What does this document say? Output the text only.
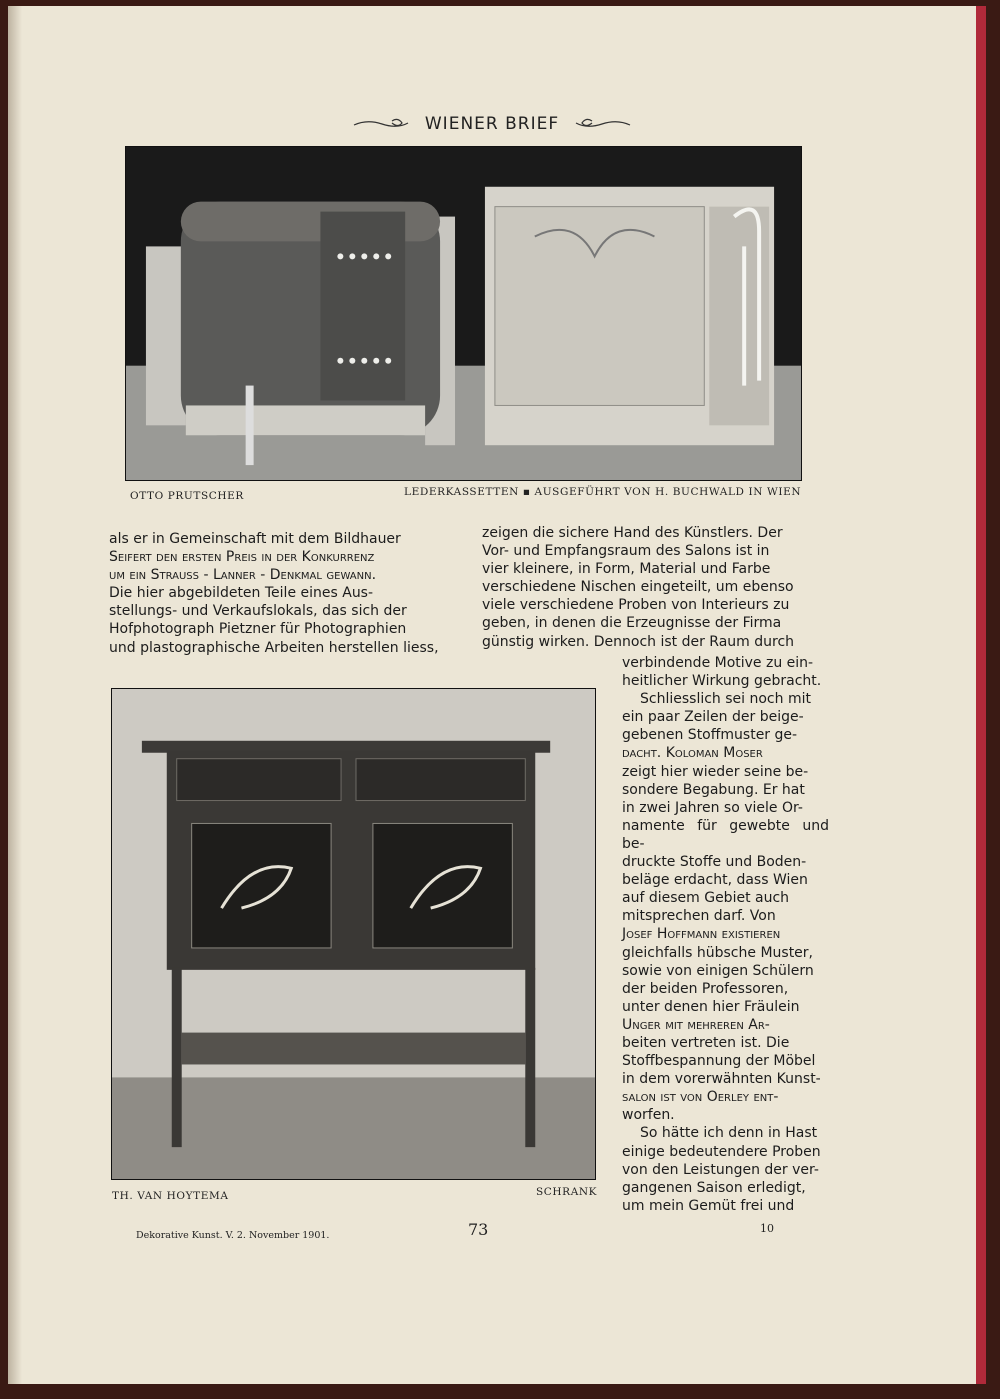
WIENER BRIEF
OTTO PRUTSCHER	LEDERKASSETTEN ▪ AUSGEFÜHRT VON H. BUCHWALD IN WIEN

als er in Gemeinschaft mit dem Bildhauer

Seifert den ersten Preis in der Konkurrenz

um ein Strauss - Lanner - Denkmal gewann.

Die hier abgebildeten Teile eines Aus-

stellungs- und Verkaufslokals, das sich der

Hofphotograph Pietzner für Photographien

und plastographische Arbeiten herstellen liess,

zeigen die sichere Hand des Künstlers. Der

Vor- und Empfangsraum des Salons ist in

vier kleinere, in Form, Material und Farbe

verschiedene Nischen eingeteilt, um ebenso

viele verschiedene Proben von Interieurs zu

geben, in denen die Erzeugnisse der Firma

günstig wirken. Dennoch ist der Raum durch

TH. VAN HOYTEMA	SCHRANK

verbindende Motive zu ein-

heitlicher Wirkung gebracht.

Schliesslich sei noch mit

ein paar Zeilen der beige-

gebenen Stoffmuster ge-

dacht. Koloman Moser

zeigt hier wieder seine be-

sondere Begabung. Er hat

in zwei Jahren so viele Or-

namente für gewebte und be-

druckte Stoffe und Boden-

beläge erdacht, dass Wien

auf diesem Gebiet auch

mitsprechen darf. Von

Josef Hoffmann existieren

gleichfalls hübsche Muster,

sowie von einigen Schülern

der beiden Professoren,

unter denen hier Fräulein

Unger mit mehreren Ar-

beiten vertreten ist. Die

Stoffbespannung der Möbel

in dem vorerwähnten Kunst-

salon ist von Oerley ent-

worfen.

So hätte ich denn in Hast

einige bedeutendere Proben

von den Leistungen der ver-

gangenen Saison erledigt,

um mein Gemüt frei und

Dekorative Kunst. V. 2. November 1901.	73	10
